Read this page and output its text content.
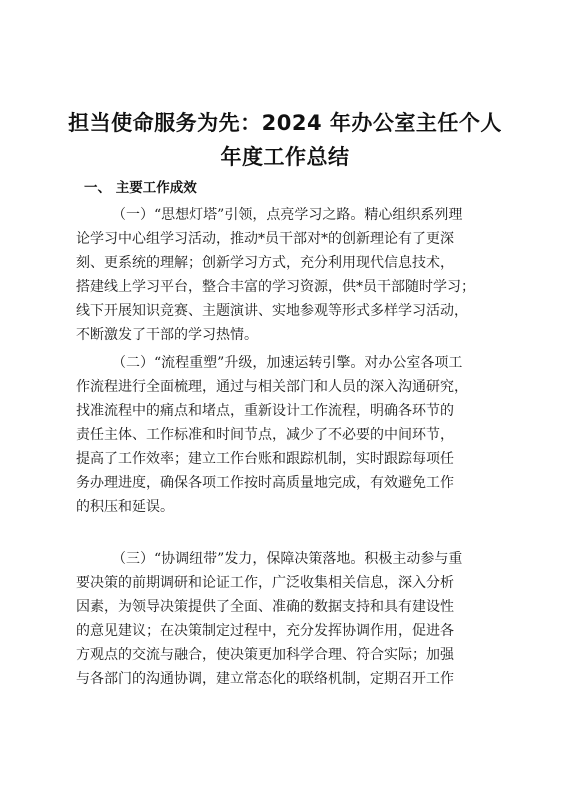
担当使命服务为先：2024 年办公室主任个人
年度工作总结
一、 主要工作成效

（一）“思想灯塔”引领，点亮学习之路。精心组织系列理
论学习中心组学习活动，推动*员干部对*的创新理论有了更深
刻、更系统的理解；创新学习方式，充分利用现代信息技术，
搭建线上学习平台，整合丰富的学习资源，供*员干部随时学习；
线下开展知识竞赛、主题演讲、实地参观等形式多样学习活动，
不断激发了干部的学习热情。

（二）“流程重塑”升级，加速运转引擎。对办公室各项工
作流程进行全面梳理，通过与相关部门和人员的深入沟通研究，
找准流程中的痛点和堵点，重新设计工作流程，明确各环节的
责任主体、工作标准和时间节点，减少了不必要的中间环节，
提高了工作效率；建立工作台账和跟踪机制，实时跟踪每项任
务办理进度，确保各项工作按时高质量地完成，有效避免工作
的积压和延误。

（三）“协调纽带”发力，保障决策落地。积极主动参与重
要决策的前期调研和论证工作，广泛收集相关信息，深入分析
因素，为领导决策提供了全面、准确的数据支持和具有建设性
的意见建议；在决策制定过程中，充分发挥协调作用，促进各
方观点的交流与融合，使决策更加科学合理、符合实际；加强
与各部门的沟通协调，建立常态化的联络机制，定期召开工作
